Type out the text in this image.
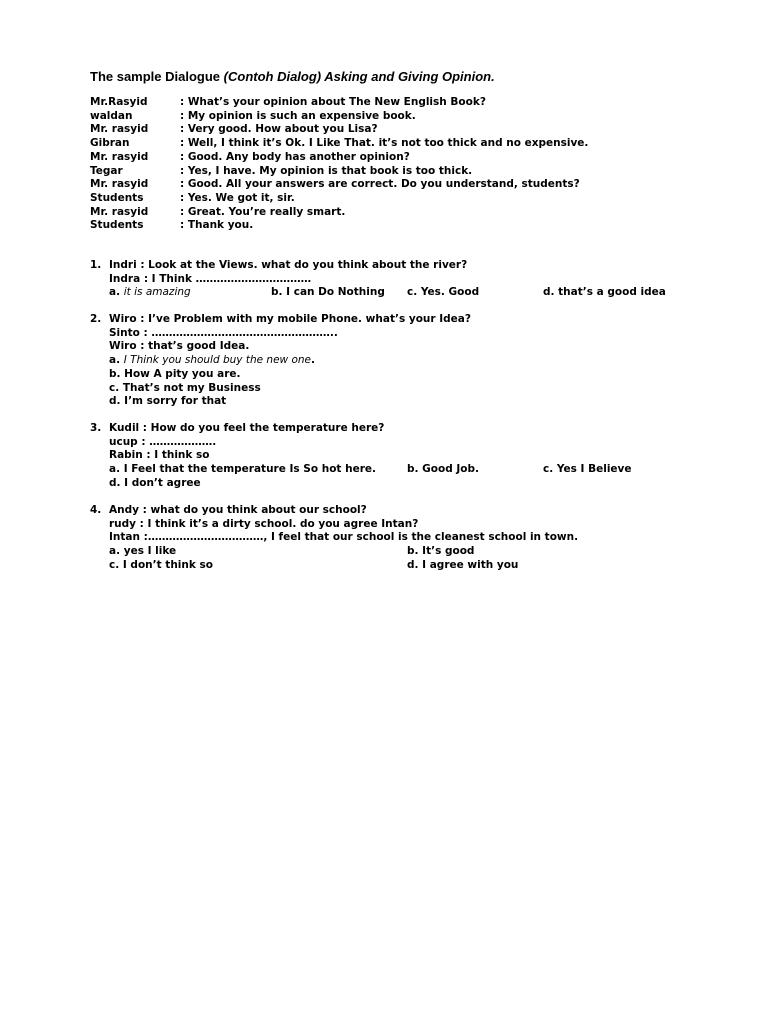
The sample Dialogue (Contoh Dialog) Asking and Giving Opinion.
Mr.Rasyid	: What’s your opinion about The New English Book?
waldan	: My opinion is such an expensive book.
Mr. rasyid	: Very good. How about you Lisa?
Gibran	: Well, I think it’s Ok. I Like That. it’s not too thick and no expensive.
Mr. rasyid	: Good. Any body has another opinion?
Tegar	: Yes, I have. My opinion is that book is too thick.
Mr. rasyid	: Good. All your answers are correct. Do you understand, students?
Students	: Yes. We got it, sir.
Mr. rasyid	: Great. You’re really smart.
Students	: Thank you.
1. Indri : Look at the Views. what do you think about the river?
Indra : I Think ……………………………
a. it is amazing	b. I can Do Nothing c. Yes. Good	d. that’s a good idea
2. Wiro : I’ve Problem with my mobile Phone. what’s your Idea?
Sinto : ……………………………………………..
Wiro : that’s good Idea.
a. I Think you should buy the new one.
b. How A pity you are.
c. That’s not my Business
d. I’m sorry for that
3. Kudil : How do you feel the temperature here?
ucup : ……………….
Rabin : I think so
a. I Feel that the temperature Is So hot here.	b. Good Job.	c. Yes I Believe
d. I don’t agree
4. Andy : what do you think about our school?
rudy : I think it’s a dirty school. do you agree Intan?
Intan :……………………………, I feel that our school is the cleanest school in town.
a. yes I like	b. It’s good
c. I don’t think so	d. I agree with you
